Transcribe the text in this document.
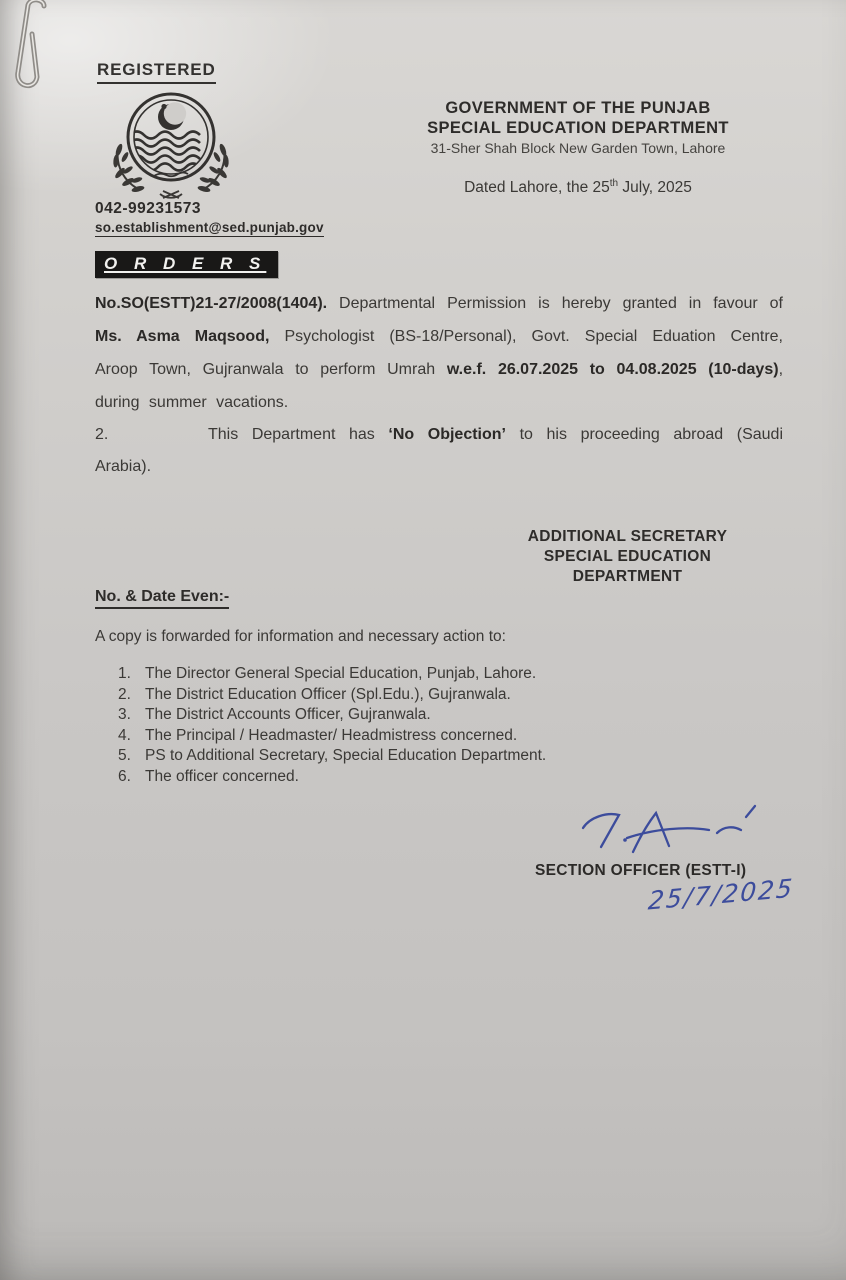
REGISTERED
GOVERNMENT OF THE PUNJAB
SPECIAL EDUCATION DEPARTMENT
31-Sher Shah Block New Garden Town, Lahore
Dated Lahore, the 25th July, 2025
042-99231573
so.establishment@sed.punjab.gov
O R D E R S

No.SO(ESTT)21-27/2008(1404). Departmental Permission is hereby granted in favour of Ms. Asma Maqsood, Psychologist (BS-18/Personal), Govt. Special Eduation Centre, Aroop Town, Gujranwala to perform Umrah w.e.f. 26.07.2025 to 04.08.2025 (10-days), during summer vacations.

2.	This Department has ‘No Objection’ to his proceeding abroad (Saudi Arabia).

ADDITIONAL SECRETARY
SPECIAL EDUCATION
DEPARTMENT
No. & Date Even:-
A copy is forwarded for information and necessary action to:
1. The Director General Special Education, Punjab, Lahore.
2. The District Education Officer (Spl.Edu.), Gujranwala.
3. The District Accounts Officer, Gujranwala.
4. The Principal / Headmaster/ Headmistress concerned.
5. PS to Additional Secretary, Special Education Department.
6. The officer concerned.
SECTION OFFICER (ESTT-I)
25/7/2025
